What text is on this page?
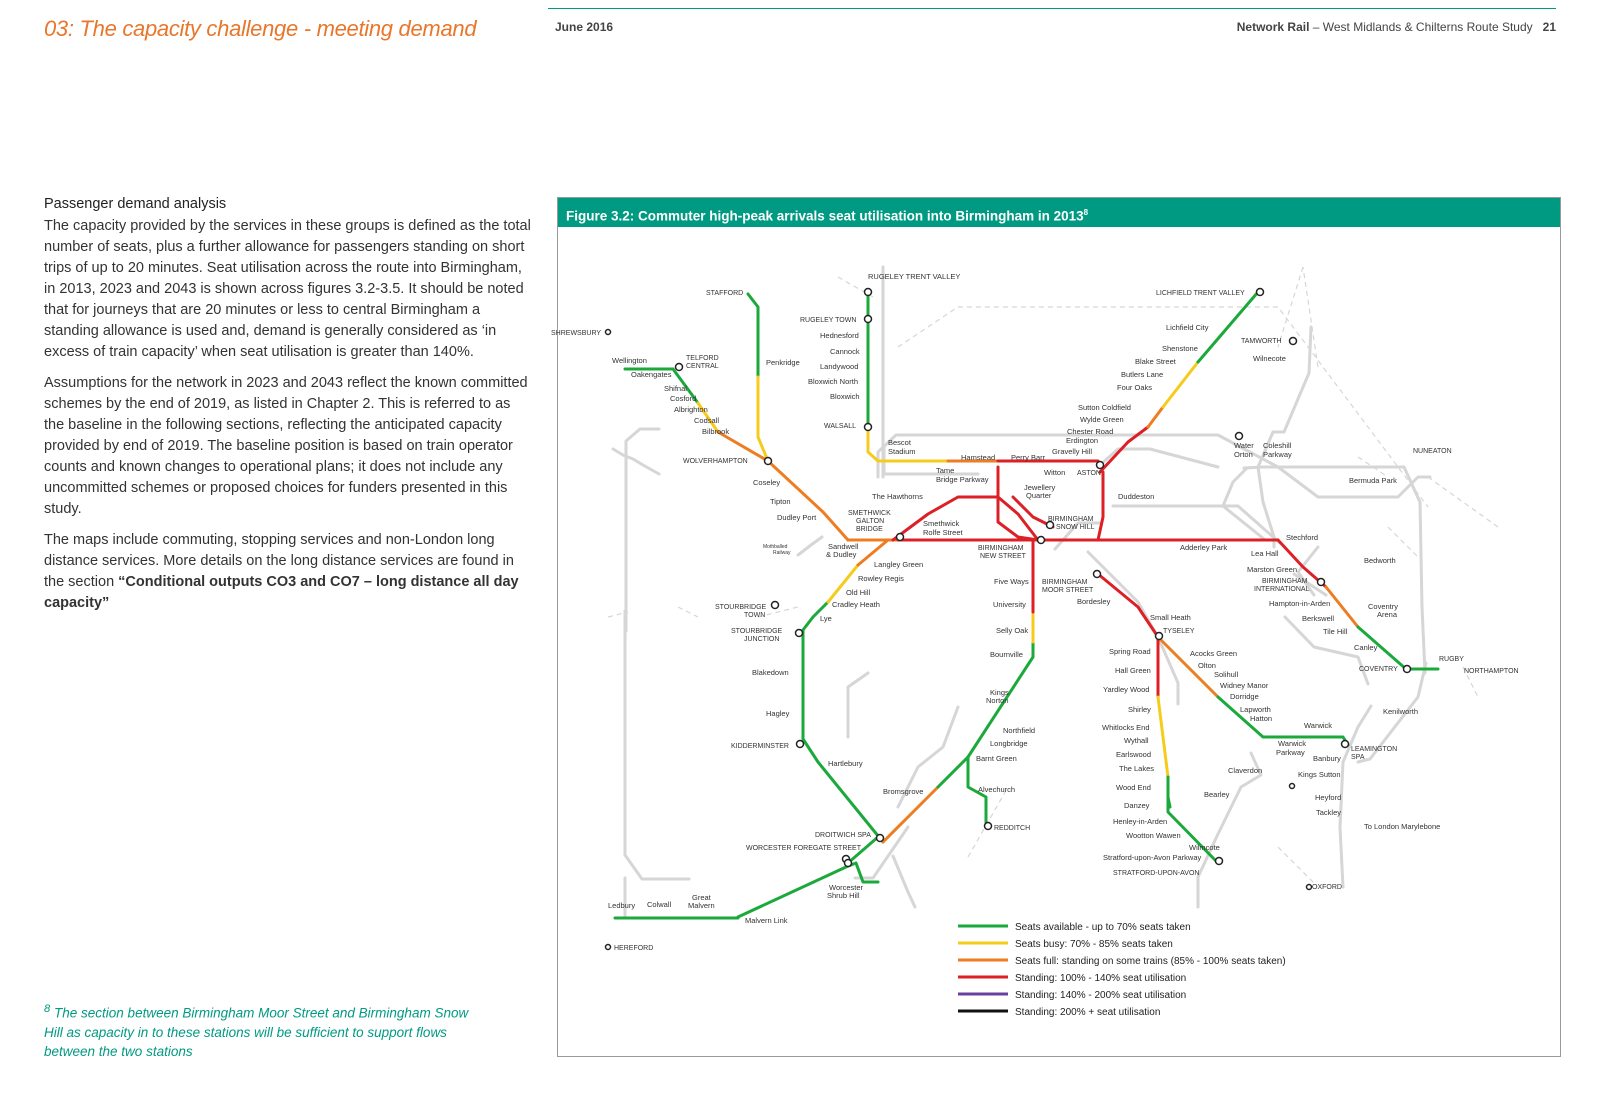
03: The capacity challenge - meeting demand	June 2016	Network Rail – West Midlands & Chilterns Route Study 21
Passenger demand analysis

The capacity provided by the services in these groups is defined as the total number of seats, plus a further allowance for passengers standing on short trips of up to 20 minutes. Seat utilisation across the route into Birmingham, in 2013, 2023 and 2043 is shown across figures 3.2-3.5. It should be noted that for journeys that are 20 minutes or less to central Birmingham a standing allowance is used and, demand is generally considered as ‘in excess of train capacity’ when seat utilisation is greater than 140%.

Assumptions for the network in 2023 and 2043 reflect the known committed schemes by the end of 2019, as listed in Chapter 2. This is referred to as the baseline in the following sections, reflecting the anticipated capacity provided by end of 2019. The baseline position is based on train operator counts and known changes to operational plans; it does not include any uncommitted schemes or proposed choices for funders presented in this study.

The maps include commuting, stopping services and non-London long distance services. More details on the long distance services are found in the section “Conditional outputs CO3 and CO7 – long distance all day capacity”

$^8$ The section between Birmingham Moor Street and Birmingham Snow Hill as capacity in to these stations will be sufficient to support flows between the two stations
Figure 3.2: Commuter high-peak arrivals seat utilisation into Birmingham in 2013$^8$
RUGELEY TRENT VALLEY
STAFFORD	LICHFIELD TRENT VALLEY
SHREWSBURY
RUGELEY TOWN
Hednesford
Cannock
Landywood
Bloxwich North
Bloxwich
WALSALL
Lichfield City
TAMWORTH
Wilnecote
Shenstone
Blake Street
Butlers Lane
Four Oaks
Sutton Coldfield
Wylde Green
Chester Road
Erdington
Gravelly Hill
Wellington
Oakengates
TELFORD
CENTRAL
Shifnal
Cosford
Albrighton
Codsall
Bilbrook
Penkridge
WOLVERHAMPTON
Coseley
Tipton
Dudley Port
Bescot
Stadium
Hamstead Perry Barr
Tame
Bridge Parkway
Witton ASTON
Water
Orton
Coleshill
Parkway	NUNEATON
The Hawthorns
Jewellery
Quarter	Duddeston
Bermuda Park
SMETHWICK
GALTON
BRIDGE
Smethwick
Rolfe Street
BIRMINGHAM
SNOW HILL
BIRMINGHAM
NEW STREET
Adderley Park
Stechford
Lea Hall
Bedworth
Marston Green
BIRMINGHAM
INTERNATIONAL
Mothballed
Railway
Sandwell
& Dudley
Langley Green
Rowley Regis
Old Hill
Cradley Heath
Lye
Five Ways
University
Selly Oak
Bournville
Kings
Norton
Northfield
Longbridge
Barnt Green
Alvechurch
REDDITCH
BIRMINGHAM
MOOR STREET
Bordesley
Small Heath
TYSELEY
Spring Road
Hall Green
Yardley Wood
Shirley
Whitlocks End
Wythall
Earlswood
The Lakes
Wood End
Danzey
Henley-in-Arden
Wootton Wawen
Wilmcote
Stratford-upon-Avon Parkway
STRATFORD-UPON-AVON
Acocks Green
Olton
Solihull
Widney Manor
Dorridge
Lapworth
Hatton
Warwick
Warwick
Parkway	LEAMINGTON
SPA
Banbury
Kings Sutton
Heyford
Tackley
OXFORD
To London Marylebone
Claverdon
Bearley
Kenilworth
Hampton-in-Arden
Berkswell
Tile Hill
Canley
COVENTRY
Coventry
Arena
RUGBY
NORTHAMPTON
STOURBRIDGE
TOWN
STOURBRIDGE
JUNCTION
Blakedown
Hagley
KIDDERMINSTER
Hartlebury
Bromsgrove
DROITWICH SPA
WORCESTER FOREGATE STREET
Worcester
Shrub Hill
Ledbury Colwall
Great
Malvern
Malvern Link
HEREFORD
Seats available - up to 70% seats taken
Seats busy: 70% - 85% seats taken
Seats full: standing on some trains (85% - 100% seats taken)
Standing: 100% - 140% seat utilisation
Standing: 140% - 200% seat utilisation
Standing: 200% + seat utilisation
